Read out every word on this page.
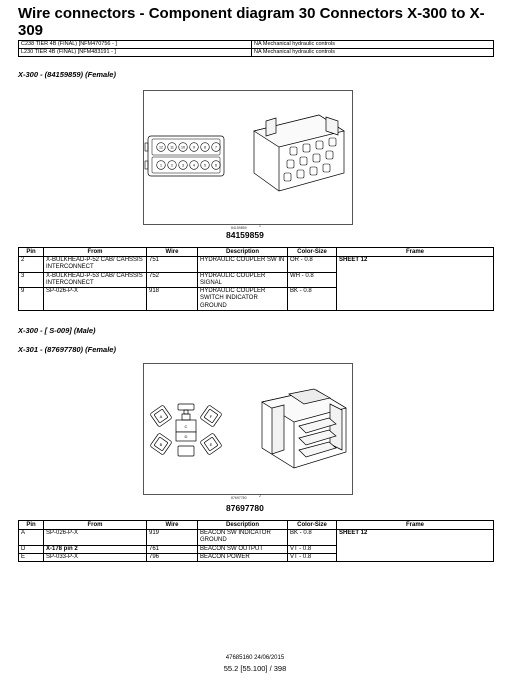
Wire connectors - Component diagram 30 Connectors X-300 to X-309
C238 TIER 4B (FINAL) [NFM470756 - ]	NA Mechanical hydraulic controls
L230 TIER 4B (FINAL) [NFM483191 - ]	NA Mechanical hydraulic controls
X-300 - (84159859) (Female)
12 11 10 9	8	7
1	2	3	4	5	6
84159859	1
84159859
Pin	From	Wire	Description	Color-Size	Frame
2	X-BULKHEAD-P-52 CAB/ CAHSSIS INTERCONNECT	751	HYDRAULIC COUPLER SW IN	OR - 0.8	SHEET 12
3	X-BULKHEAD-P-53 CAB/ CAHSSIS INTERCONNECT	752	HYDRAULIC COUPLER SIGNAL	WH - 0.8	
9	SP-026-P-X	918	HYDRAULIC COUPLER SWITCH INDICATOR GROUND	BK - 0.8	
X-300 - [ S-009] (Male)
X-301 - (87697780) (Female)
A	F
B
C
D
E
87697780	2
87697780
Pin	From	Wire	Description	Color-Size	Frame
A	SP-026-P-X	919	BEACON SW INDICATOR GROUND	BK - 0.8	SHEET 12
D	X-178 pin 2	761	BEACON SW OUTPUT	VT - 0.8	
E	SP-033-P-X	796	BEACON POWER	VT - 0.8	
47685160 24/06/2015
55.2 [55.100] / 398
